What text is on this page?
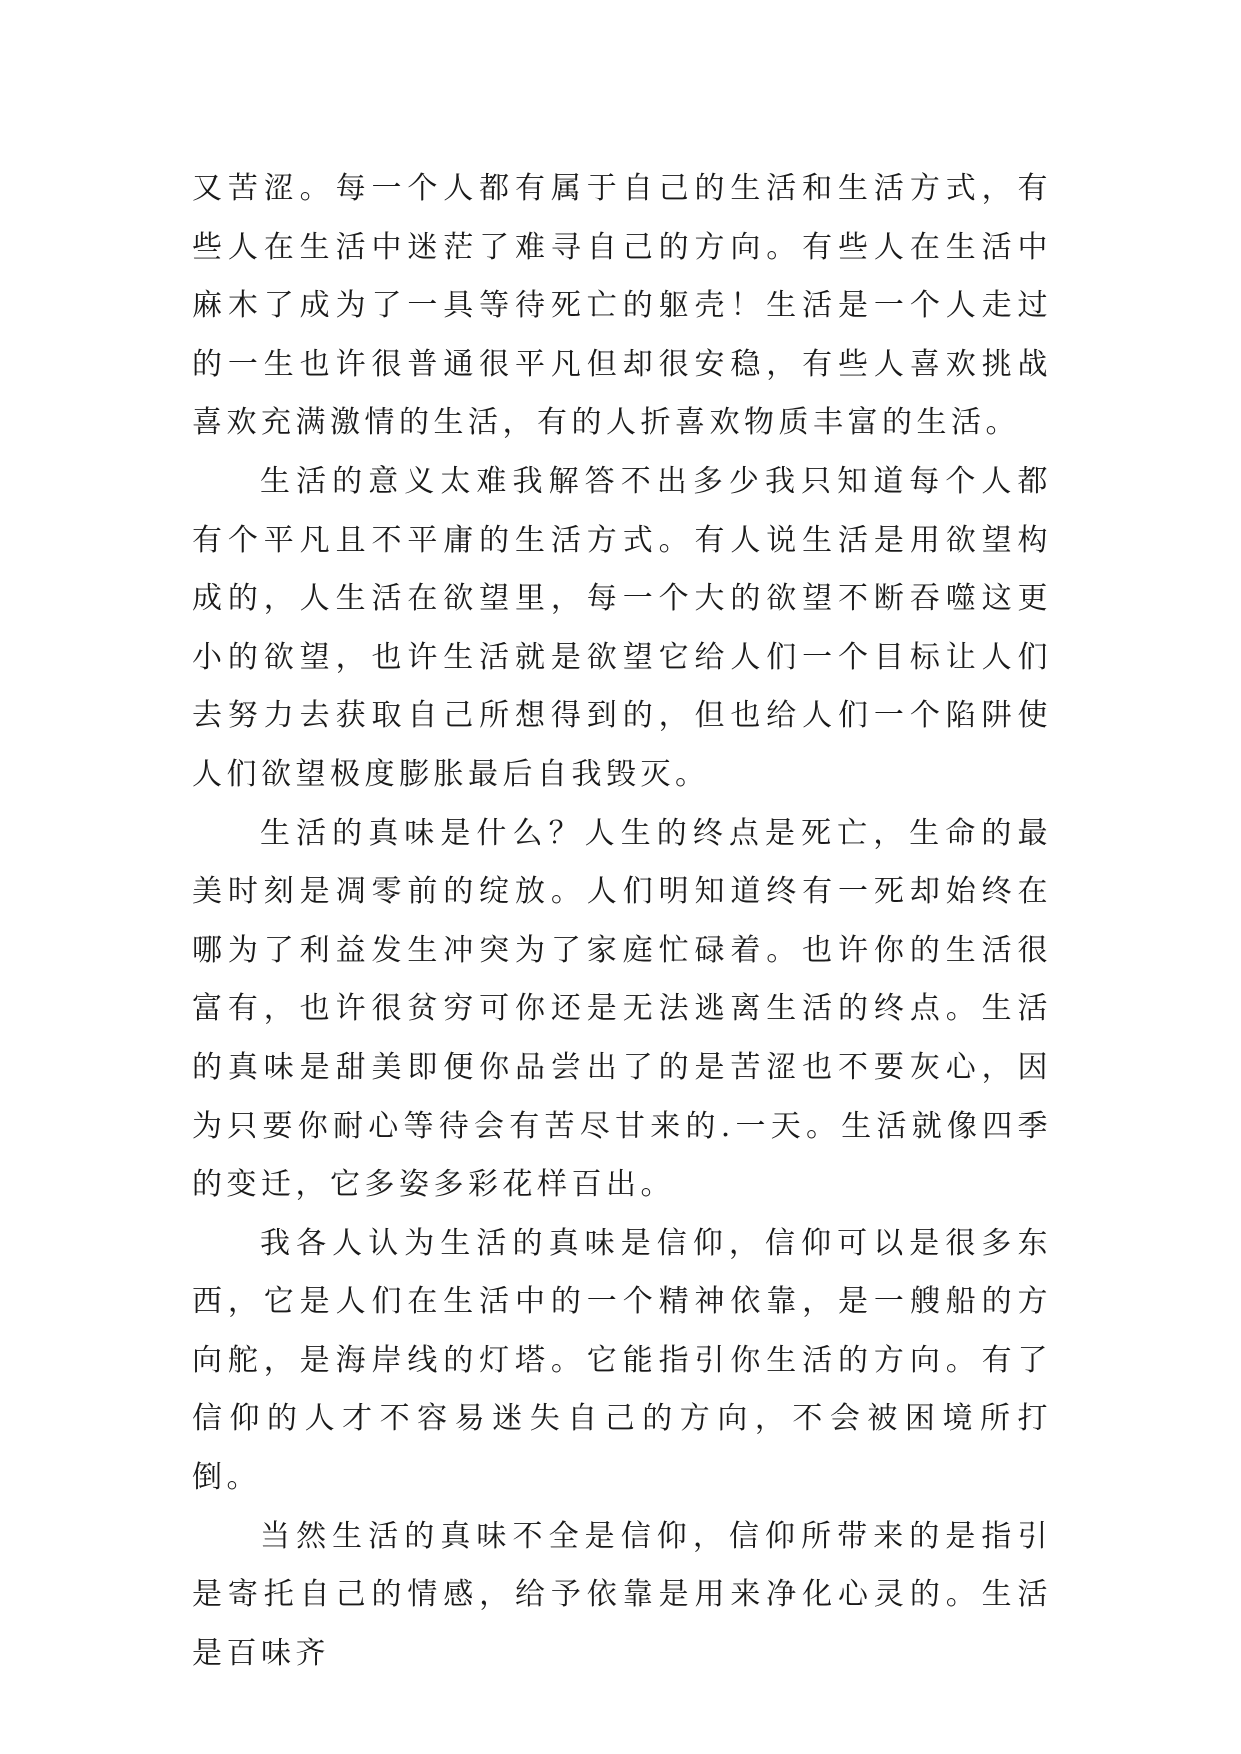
又苦涩。每一个人都有属于自己的生活和生活方式，有些人在生活中迷茫了难寻自己的方向。有些人在生活中麻木了成为了一具等待死亡的躯壳！生活是一个人走过的一生也许很普通很平凡但却很安稳，有些人喜欢挑战喜欢充满激情的生活，有的人折喜欢物质丰富的生活。

生活的意义太难我解答不出多少我只知道每个人都有个平凡且不平庸的生活方式。有人说生活是用欲望构成的，人生活在欲望里，每一个大的欲望不断吞噬这更小的欲望，也许生活就是欲望它给人们一个目标让人们去努力去获取自己所想得到的，但也给人们一个陷阱使人们欲望极度膨胀最后自我毁灭。

生活的真味是什么？人生的终点是死亡，生命的最美时刻是凋零前的绽放。人们明知道终有一死却始终在哪为了利益发生冲突为了家庭忙碌着。也许你的生活很富有，也许很贫穷可你还是无法逃离生活的终点。生活的真味是甜美即便你品尝出了的是苦涩也不要灰心，因为只要你耐心等待会有苦尽甘来的.一天。生活就像四季的变迁，它多姿多彩花样百出。

我各人认为生活的真味是信仰，信仰可以是很多东西，它是人们在生活中的一个精神依靠，是一艘船的方向舵，是海岸线的灯塔。它能指引你生活的方向。有了信仰的人才不容易迷失自己的方向，不会被困境所打倒。

当然生活的真味不全是信仰，信仰所带来的是指引是寄托自己的情感，给予依靠是用来净化心灵的。生活是百味齐
